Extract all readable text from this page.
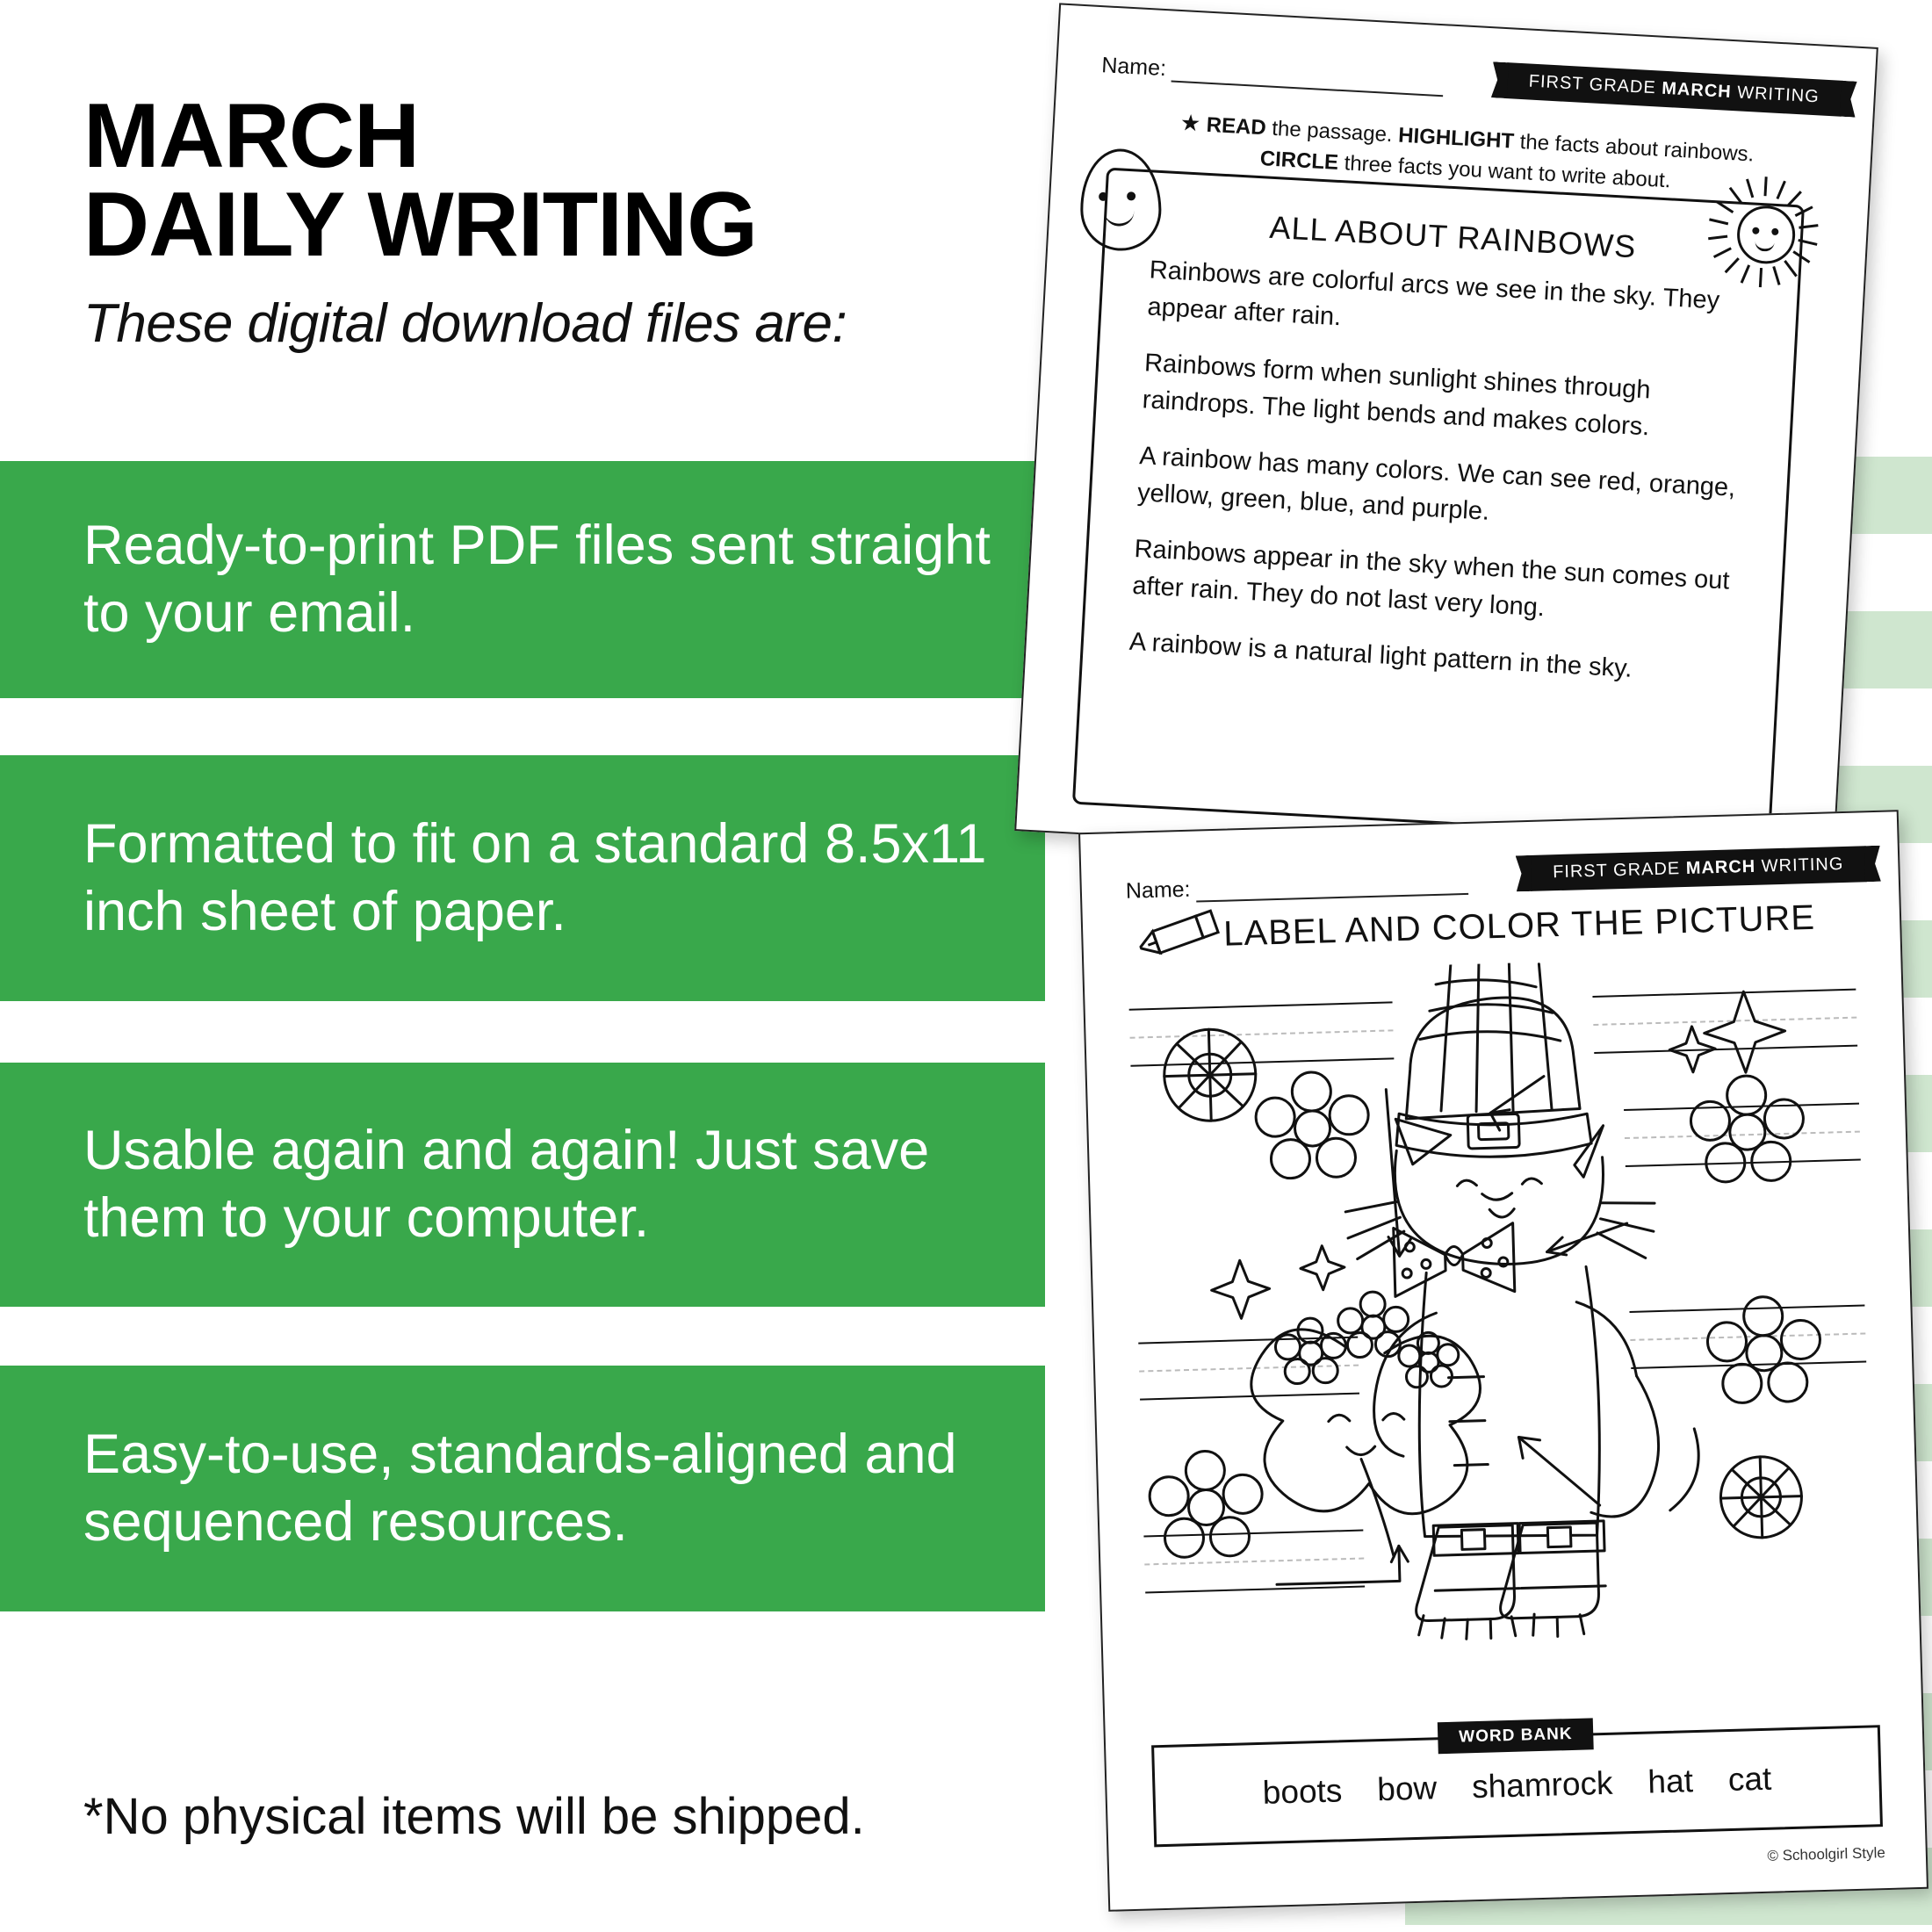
MARCH
DAILY WRITING
These digital download files are:

Ready-to-print PDF files sent straight to your email.

Formatted to fit on a standard 8.5x11 inch sheet of paper.

Usable again and again! Just save them to your computer.

Easy-to-use, standards-aligned and sequenced resources.

*No physical items will be shipped.
Name:
FIRST GRADE MARCH WRITING
★ READ the passage. HIGHLIGHT the facts about rainbows.
CIRCLE three facts you want to write about.
ALL ABOUT RAINBOWS

Rainbows are colorful arcs we see in the sky. They appear after rain.

Rainbows form when sunlight shines through raindrops. The light bends and makes colors.

A rainbow has many colors. We can see red, orange, yellow, green, blue, and purple.

Rainbows appear in the sky when the sun comes out after rain. They do not last very long.

A rainbow is a natural light pattern in the sky.

Name:
FIRST GRADE MARCH WRITING
LABEL AND COLOR THE PICTURE
WORD BANK
boots bow shamrock hat cat
© Schoolgirl Style
